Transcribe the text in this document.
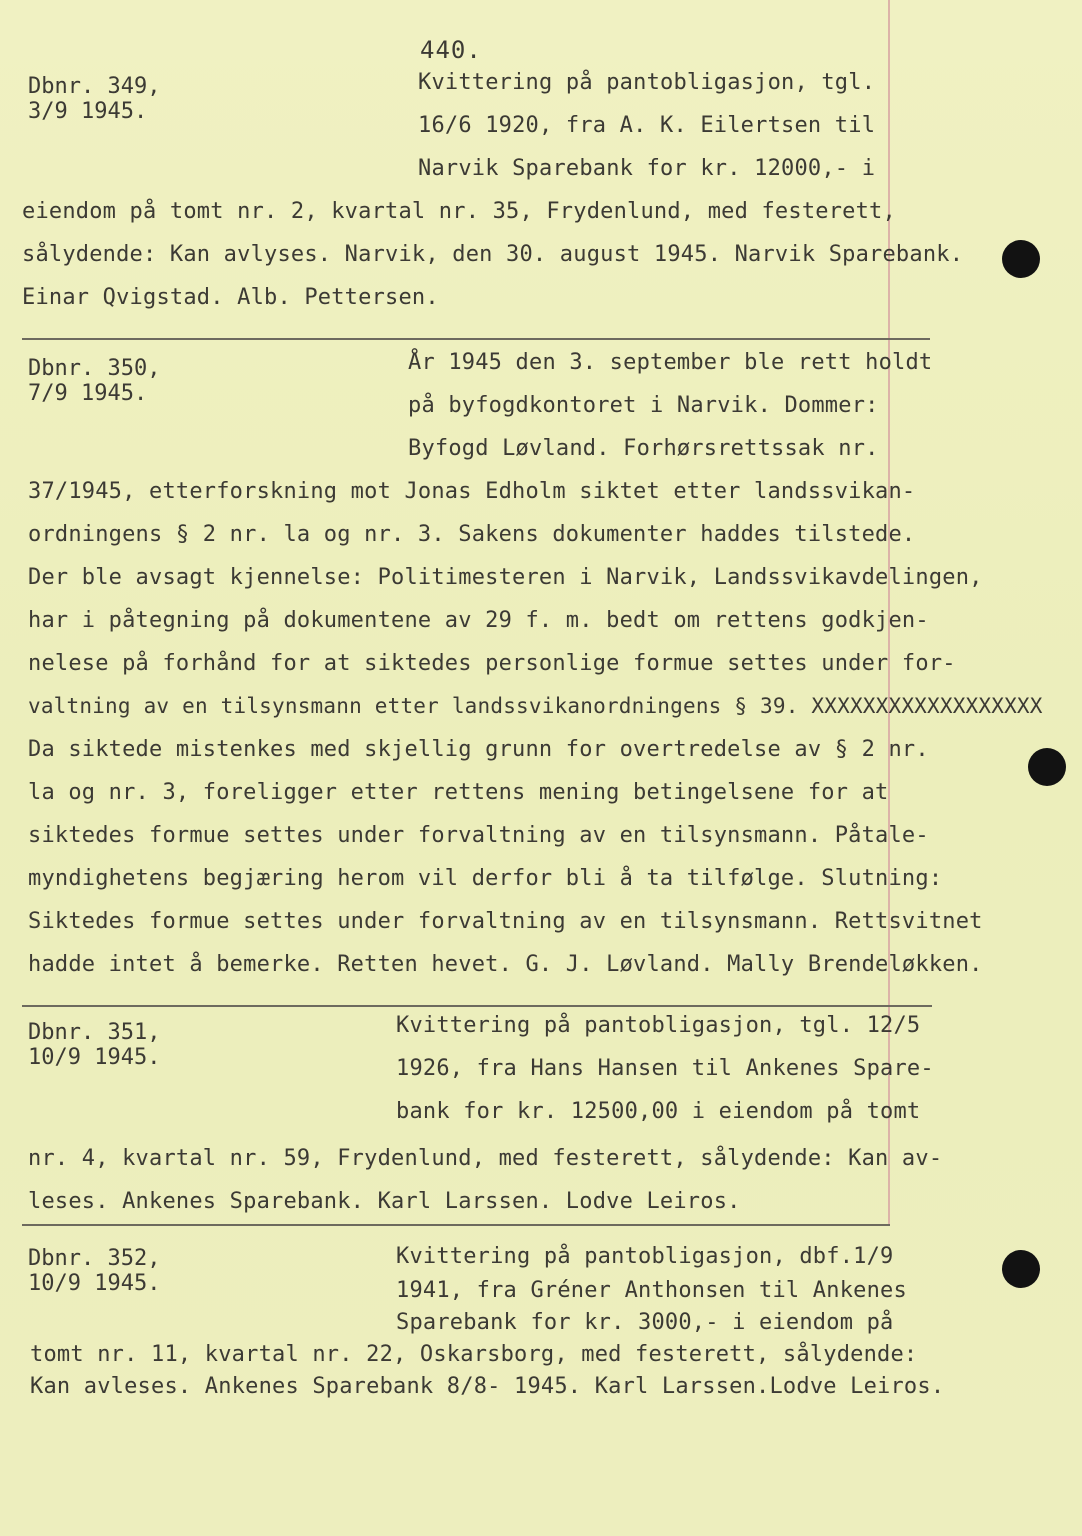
440.
Dbnr. 349,
3/9 1945.
Kvittering på pantobligasjon, tgl.
16/6 1920, fra A. K. Eilertsen til
Narvik Sparebank for kr. 12000,- i
eiendom på tomt nr. 2, kvartal nr. 35, Frydenlund, med festerett,
sålydende: Kan avlyses. Narvik, den 30. august 1945. Narvik Sparebank.
Einar Qvigstad. Alb. Pettersen.
Dbnr. 350,
7/9 1945.
År 1945 den 3. september ble rett holdt
på byfogdkontoret i Narvik. Dommer:
Byfogd Løvland. Forhørsrettssak nr.
37/1945, etterforskning mot Jonas Edholm siktet etter landssvikan-
ordningens § 2 nr. la og nr. 3. Sakens dokumenter haddes tilstede.
Der ble avsagt kjennelse: Politimesteren i Narvik, Landssvikavdelingen,
har i påtegning på dokumentene av 29 f. m. bedt om rettens godkjen-
nelese på forhånd for at siktedes personlige formue settes under for-
valtning av en tilsynsmann etter landssvikanordningens § 39. XXXXXXXXXXXXXXXXXX
Da siktede mistenkes med skjellig grunn for overtredelse av § 2 nr.
la og nr. 3, foreligger etter rettens mening betingelsene for at
siktedes formue settes under forvaltning av en tilsynsmann. Påtale-
myndighetens begjæring herom vil derfor bli å ta tilfølge. Slutning:
Siktedes formue settes under forvaltning av en tilsynsmann. Rettsvitnet
hadde intet å bemerke. Retten hevet. G. J. Løvland. Mally Brendeløkken.
Dbnr. 351,
10/9 1945.
Kvittering på pantobligasjon, tgl. 12/5
1926, fra Hans Hansen til Ankenes Spare-
bank for kr. 12500,00 i eiendom på tomt
nr. 4, kvartal nr. 59, Frydenlund, med festerett, sålydende: Kan av-
leses. Ankenes Sparebank. Karl Larssen. Lodve Leiros.
Dbnr. 352,
10/9 1945.
Kvittering på pantobligasjon, dbf.1/9
1941, fra Gréner Anthonsen til Ankenes
Sparebank for kr. 3000,- i eiendom på
tomt nr. 11, kvartal nr. 22, Oskarsborg, med festerett, sålydende:
Kan avleses. Ankenes Sparebank 8/8- 1945. Karl Larssen.Lodve Leiros.
